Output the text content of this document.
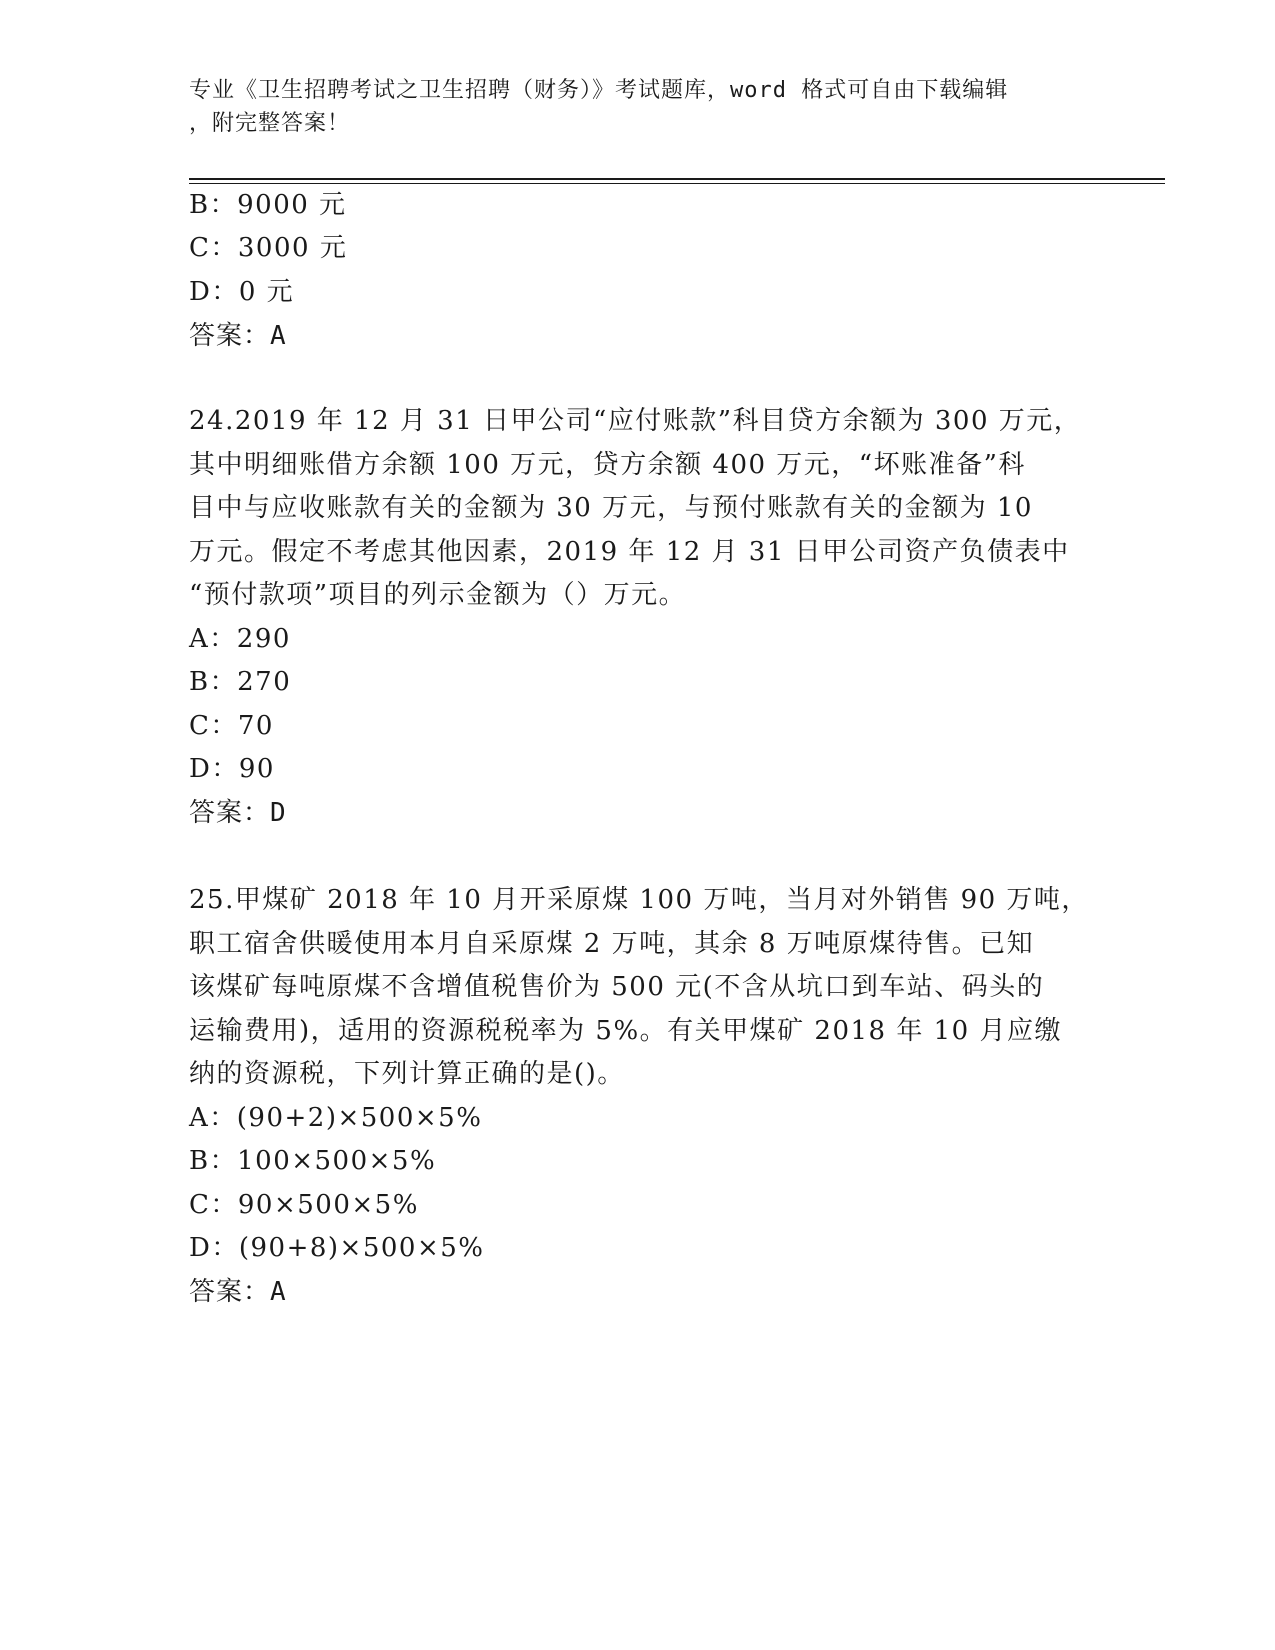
专业《卫生招聘考试之卫生招聘（财务）》考试题库，word 格式可自由下载编辑
，附完整答案！
B：9000 元
C：3000 元
D：0 元
答案：A
24.2019 年 12 月 31 日甲公司“应付账款”科目贷方余额为 300 万元，
其中明细账借方余额 100 万元，贷方余额 400 万元，“坏账准备”科
目中与应收账款有关的金额为 30 万元，与预付账款有关的金额为 10
万元。假定不考虑其他因素，2019 年 12 月 31 日甲公司资产负债表中
“预付款项”项目的列示金额为（）万元。
A：290
B：270
C：70
D：90
答案：D
25.甲煤矿 2018 年 10 月开采原煤 100 万吨，当月对外销售 90 万吨，
职工宿舍供暖使用本月自采原煤 2 万吨，其余 8 万吨原煤待售。已知
该煤矿每吨原煤不含增值税售价为 500 元(不含从坑口到车站、码头的
运输费用)，适用的资源税税率为 5%。有关甲煤矿 2018 年 10 月应缴
纳的资源税，下列计算正确的是()。
A：(90+2)×500×5%
B：100×500×5%
C：90×500×5%
D：(90+8)×500×5%
答案：A
